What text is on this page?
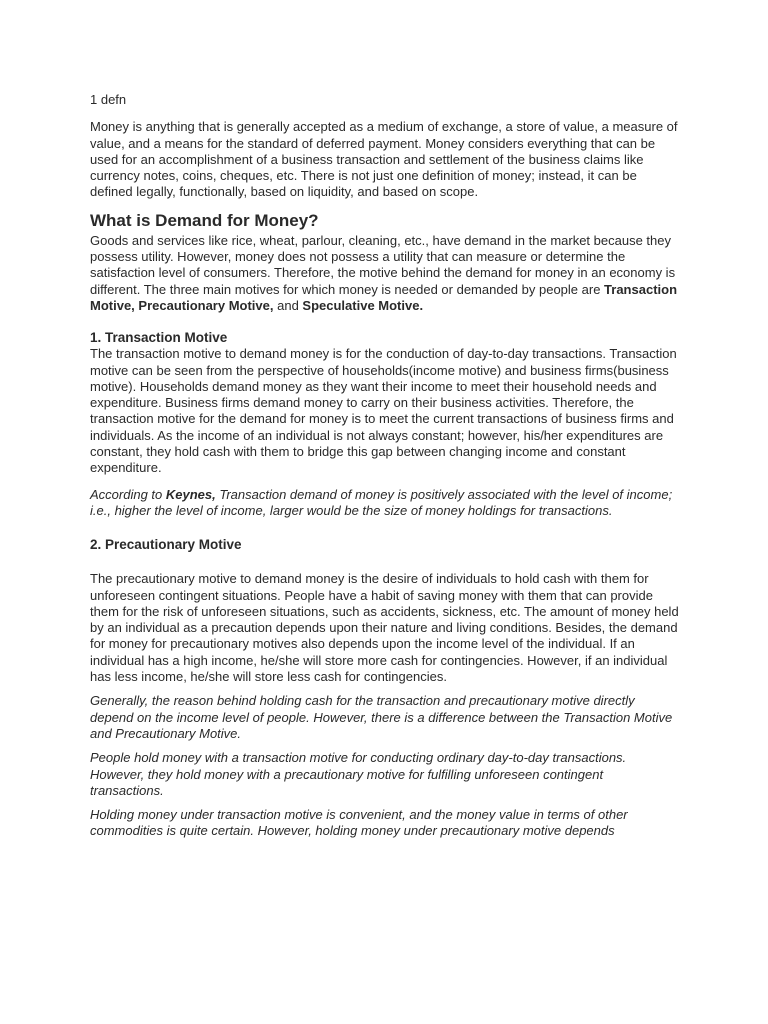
1 defn

Money is anything that is generally accepted as a medium of exchange, a store of value, a measure of value, and a means for the standard of deferred payment. Money considers everything that can be used for an accomplishment of a business transaction and settlement of the business claims like currency notes, coins, cheques, etc. There is not just one definition of money; instead, it can be defined legally, functionally, based on liquidity, and based on scope.

What is Demand for Money?

Goods and services like rice, wheat, parlour, cleaning, etc., have demand in the market because they possess utility. However, money does not possess a utility that can measure or determine the satisfaction level of consumers. Therefore, the motive behind the demand for money in an economy is different. The three main motives for which money is needed or demanded by people are Transaction Motive, Precautionary Motive, and Speculative Motive.

1. Transaction Motive

The transaction motive to demand money is for the conduction of day-to-day transactions. Transaction motive can be seen from the perspective of households(income motive) and business firms(business motive). Households demand money as they want their income to meet their household needs and expenditure. Business firms demand money to carry on their business activities. Therefore, the transaction motive for the demand for money is to meet the current transactions of business firms and individuals. As the income of an individual is not always constant; however, his/her expenditures are constant, they hold cash with them to bridge this gap between changing income and constant expenditure.

According to Keynes, Transaction demand of money is positively associated with the level of income; i.e., higher the level of income, larger would be the size of money holdings for transactions.

2. Precautionary Motive

The precautionary motive to demand money is the desire of individuals to hold cash with them for unforeseen contingent situations. People have a habit of saving money with them that can provide them for the risk of unforeseen situations, such as accidents, sickness, etc. The amount of money held by an individual as a precaution depends upon their nature and living conditions. Besides, the demand for money for precautionary motives also depends upon the income level of the individual. If an individual has a high income, he/she will store more cash for contingencies. However, if an individual has less income, he/she will store less cash for contingencies.

Generally, the reason behind holding cash for the transaction and precautionary motive directly depend on the income level of people. However, there is a difference between the Transaction Motive and Precautionary Motive.

People hold money with a transaction motive for conducting ordinary day-to-day transactions. However, they hold money with a precautionary motive for fulfilling unforeseen contingent transactions.

Holding money under transaction motive is convenient, and the money value in terms of other commodities is quite certain. However, holding money under precautionary motive depends
